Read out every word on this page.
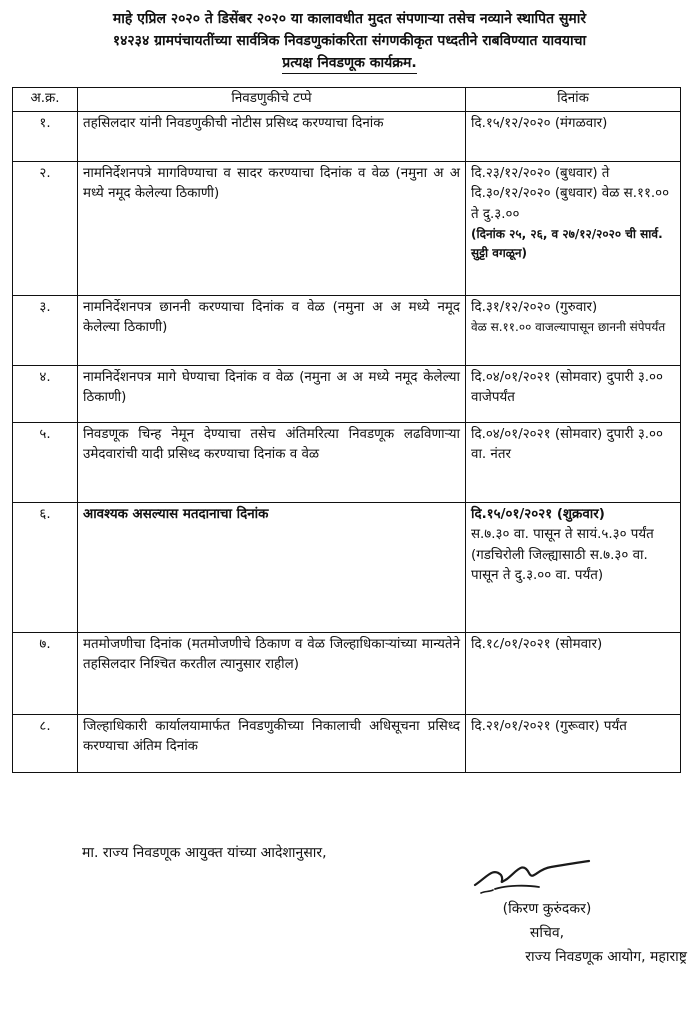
माहे एप्रिल २०२० ते डिसेंबर २०२० या कालावधीत मुदत संपणाऱ्या तसेच नव्याने स्थापित सुमारे
१४२३४ ग्रामपंचायतींच्या सार्वत्रिक निवडणुकांकरिता संगणकीकृत पध्दतीने राबविण्यात यावयाचा
प्रत्यक्ष निवडणूक कार्यक्रम.
अ.क्र.	निवडणुकीचे टप्पे	दिनांक
१.	तहसिलदार यांनी निवडणुकीची नोटीस प्रसिध्द करण्याचा दिनांक	दि.१५/१२/२०२० (मंगळवार)

२.	नामनिर्देशनपत्रे मागविण्याचा व सादर करण्याचा दिनांक व वेळ (नमुना अ अ मध्ये नमूद केलेल्या ठिकाणी)	दि.२३/१२/२०२० (बुधवार) ते दि.३०/१२/२०२० (बुधवार) वेळ स.११.०० ते दु.३.००
(दिनांक २५, २६, व २७/१२/२०२० ची सार्व. सुट्टी वगळून)

३.	नामनिर्देशनपत्र छाननी करण्याचा दिनांक व वेळ (नमुना अ अ मध्ये नमूद केलेल्या ठिकाणी)	दि.३१/१२/२०२० (गुरुवार)
वेळ स.११.०० वाजल्यापासून छाननी संपेपर्यंत

४.	नामनिर्देशनपत्र मागे घेण्याचा दिनांक व वेळ (नमुना अ अ मध्ये नमूद केलेल्या ठिकाणी)	दि.०४/०१/२०२१ (सोमवार) दुपारी ३.०० वाजेपर्यंत

५.	निवडणूक चिन्ह नेमून देण्याचा तसेच अंतिमरित्या निवडणूक लढविणाऱ्या उमेदवारांची यादी प्रसिध्द करण्याचा दिनांक व वेळ	दि.०४/०१/२०२१ (सोमवार) दुपारी ३.०० वा. नंतर

६.	आवश्यक असल्यास मतदानाचा दिनांक	दि.१५/०१/२०२१ (शुक्रवार)
स.७.३० वा. पासून ते सायं.५.३० पर्यंत (गडचिरोली जिल्ह्यासाठी स.७.३० वा. पासून ते दु.३.०० वा. पर्यंत)

७.	मतमोजणीचा दिनांक (मतमोजणीचे ठिकाण व वेळ जिल्हाधिकाऱ्यांच्या मान्यतेने तहसिलदार निश्चित करतील त्यानुसार राहील)	दि.१८/०१/२०२१ (सोमवार)

८.	जिल्हाधिकारी कार्यालयामार्फत निवडणुकीच्या निकालाची अधिसूचना प्रसिध्द करण्याचा अंतिम दिनांक	दि.२१/०१/२०२१ (गुरूवार) पर्यंत
मा. राज्य निवडणूक आयुक्त यांच्या आदेशानुसार,
(किरण कुरुंदकर)
सचिव,
राज्य निवडणूक आयोग, महाराष्ट्र
